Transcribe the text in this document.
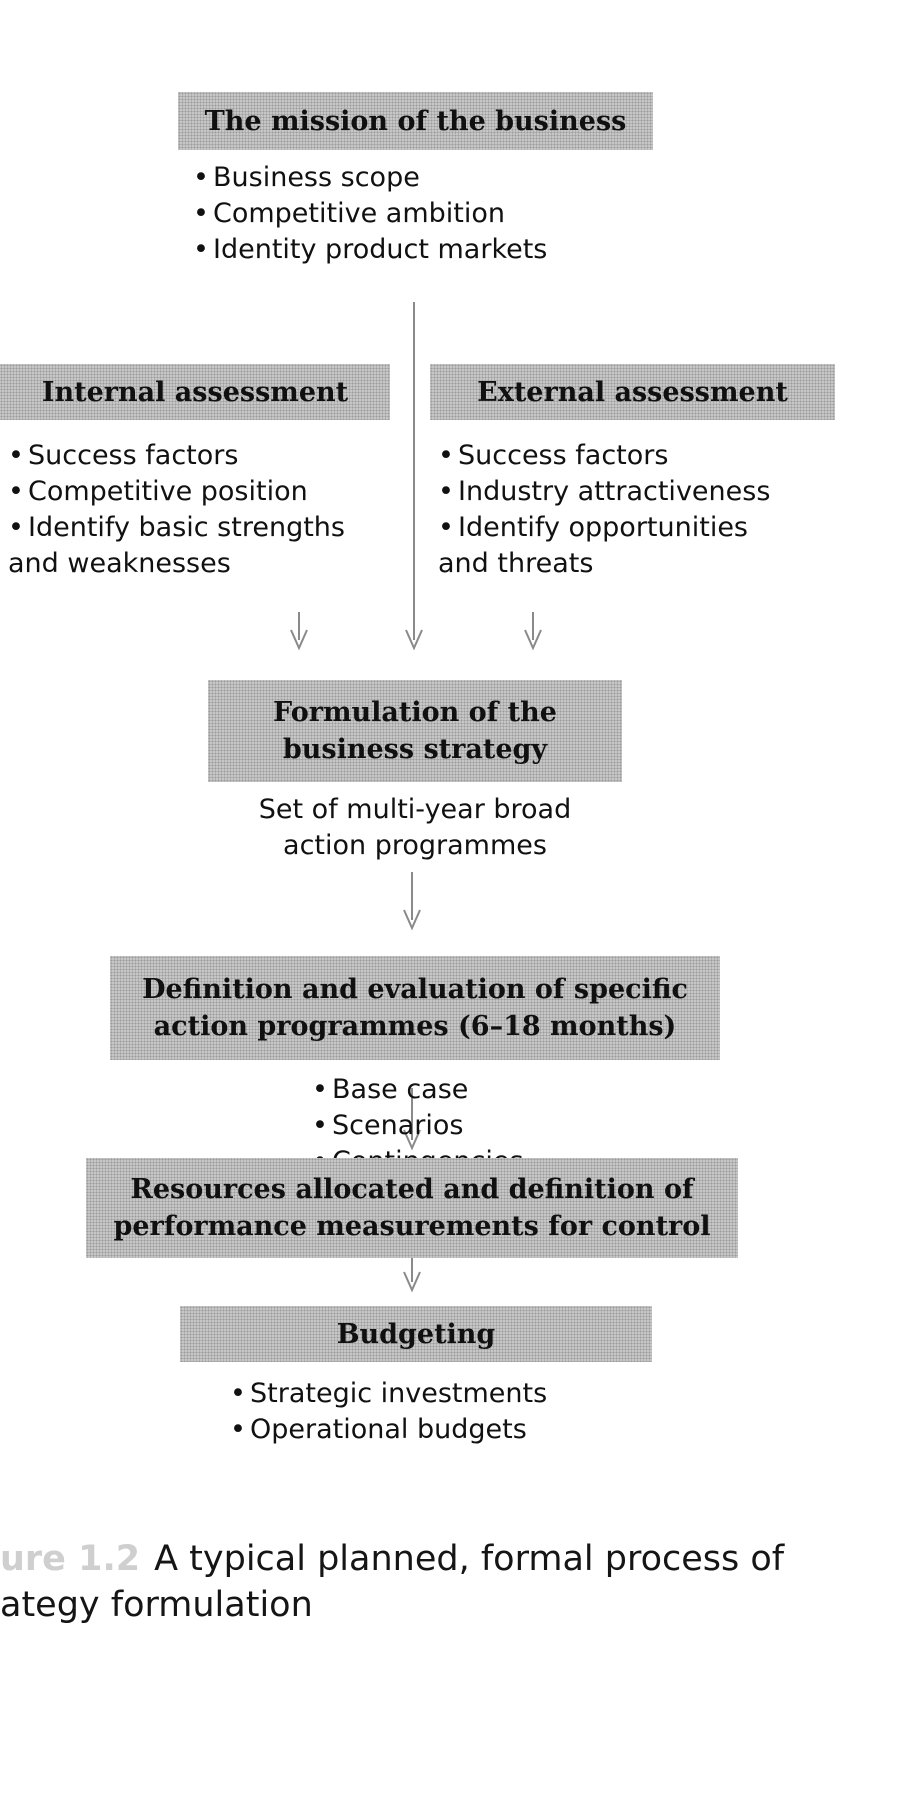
The mission of the business
• Business scope
• Competitive ambition
• Identity product markets
Internal assessment
• Success factors
• Competitive position
• Identify basic strengths
and weaknesses
External assessment
• Success factors
• Industry attractiveness
• Identify opportunities
and threats
Formulation of the
business strategy
Set of multi-year broad
action programmes
Definition and evaluation of specific
action programmes (6–18 months)
• Base case
• Scenarios
Resources allocated and definition of
performance measurements for control
Budgeting
• Strategic investments
• Operational budgets
ure 1.2 A typical planned, formal process of
ategy formulation
